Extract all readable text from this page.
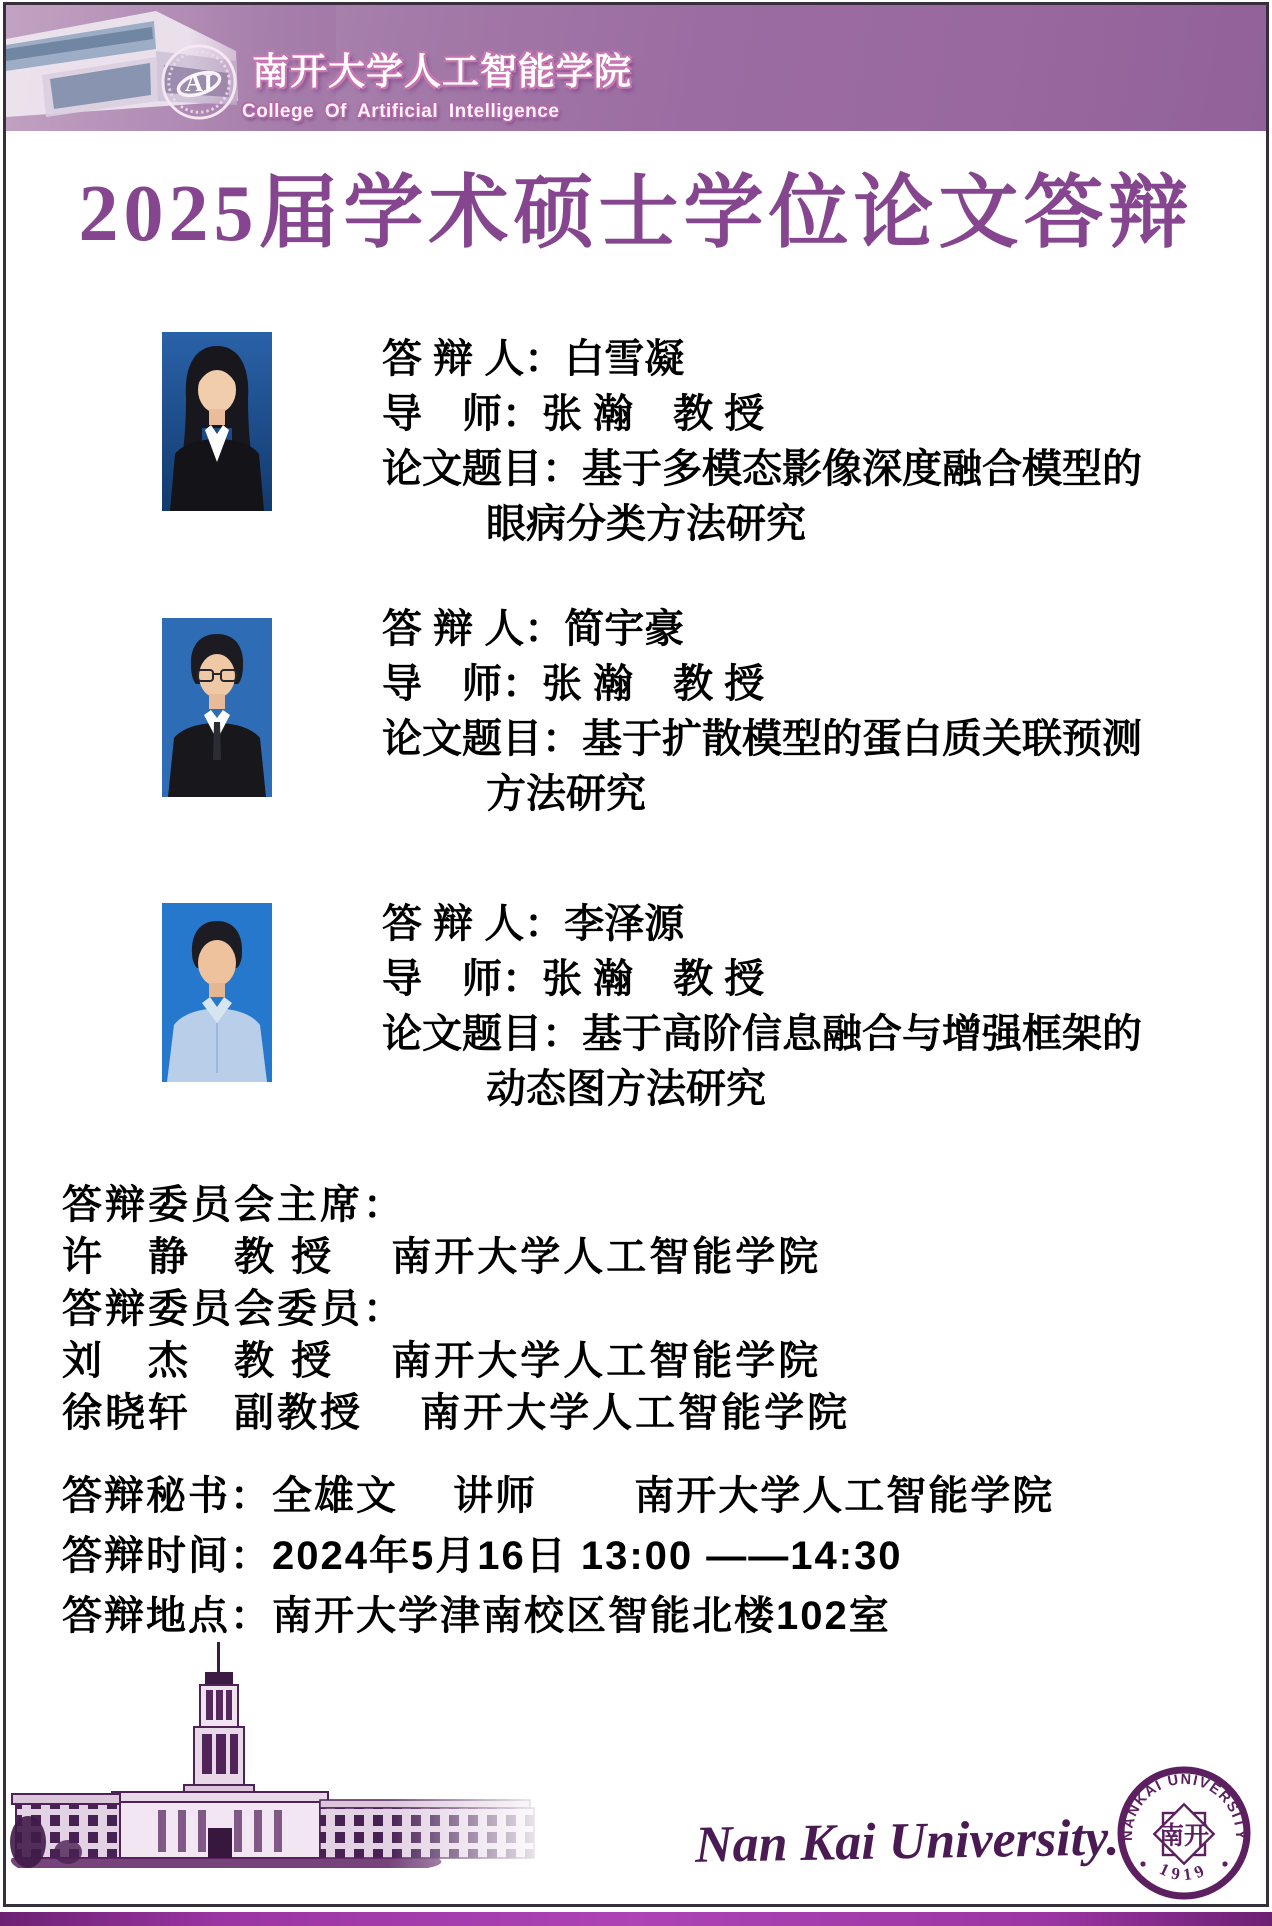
AI 南开大学人工智能学院
College Of Artificial Intelligence
2025届学术硕士学位论文答辩
答 辩 人：白雪凝
导　师：张 瀚　教 授
论文题目：基于多模态影像深度融合模型的
眼病分类方法研究
答 辩 人：简宇豪
导　师：张 瀚　教 授
论文题目：基于扩散模型的蛋白质关联预测
方法研究
答 辩 人：李泽源
导　师：张 瀚　教 授
论文题目：基于高阶信息融合与增强框架的
动态图方法研究
答辩委员会主席：
许　静　教 授　 南开大学人工智能学院
答辩委员会委员：
刘　杰　教 授　 南开大学人工智能学院
徐晓轩　副教授　 南开大学人工智能学院
答辩秘书：全雄文　 讲师　　 南开大学人工智能学院
答辩时间：2024年5月16日 13:00 ——14:30
答辩地点：南开大学津南校区智能北楼102室
Nan Kai University. NANKAI UNIVERSITY
1919
南开
